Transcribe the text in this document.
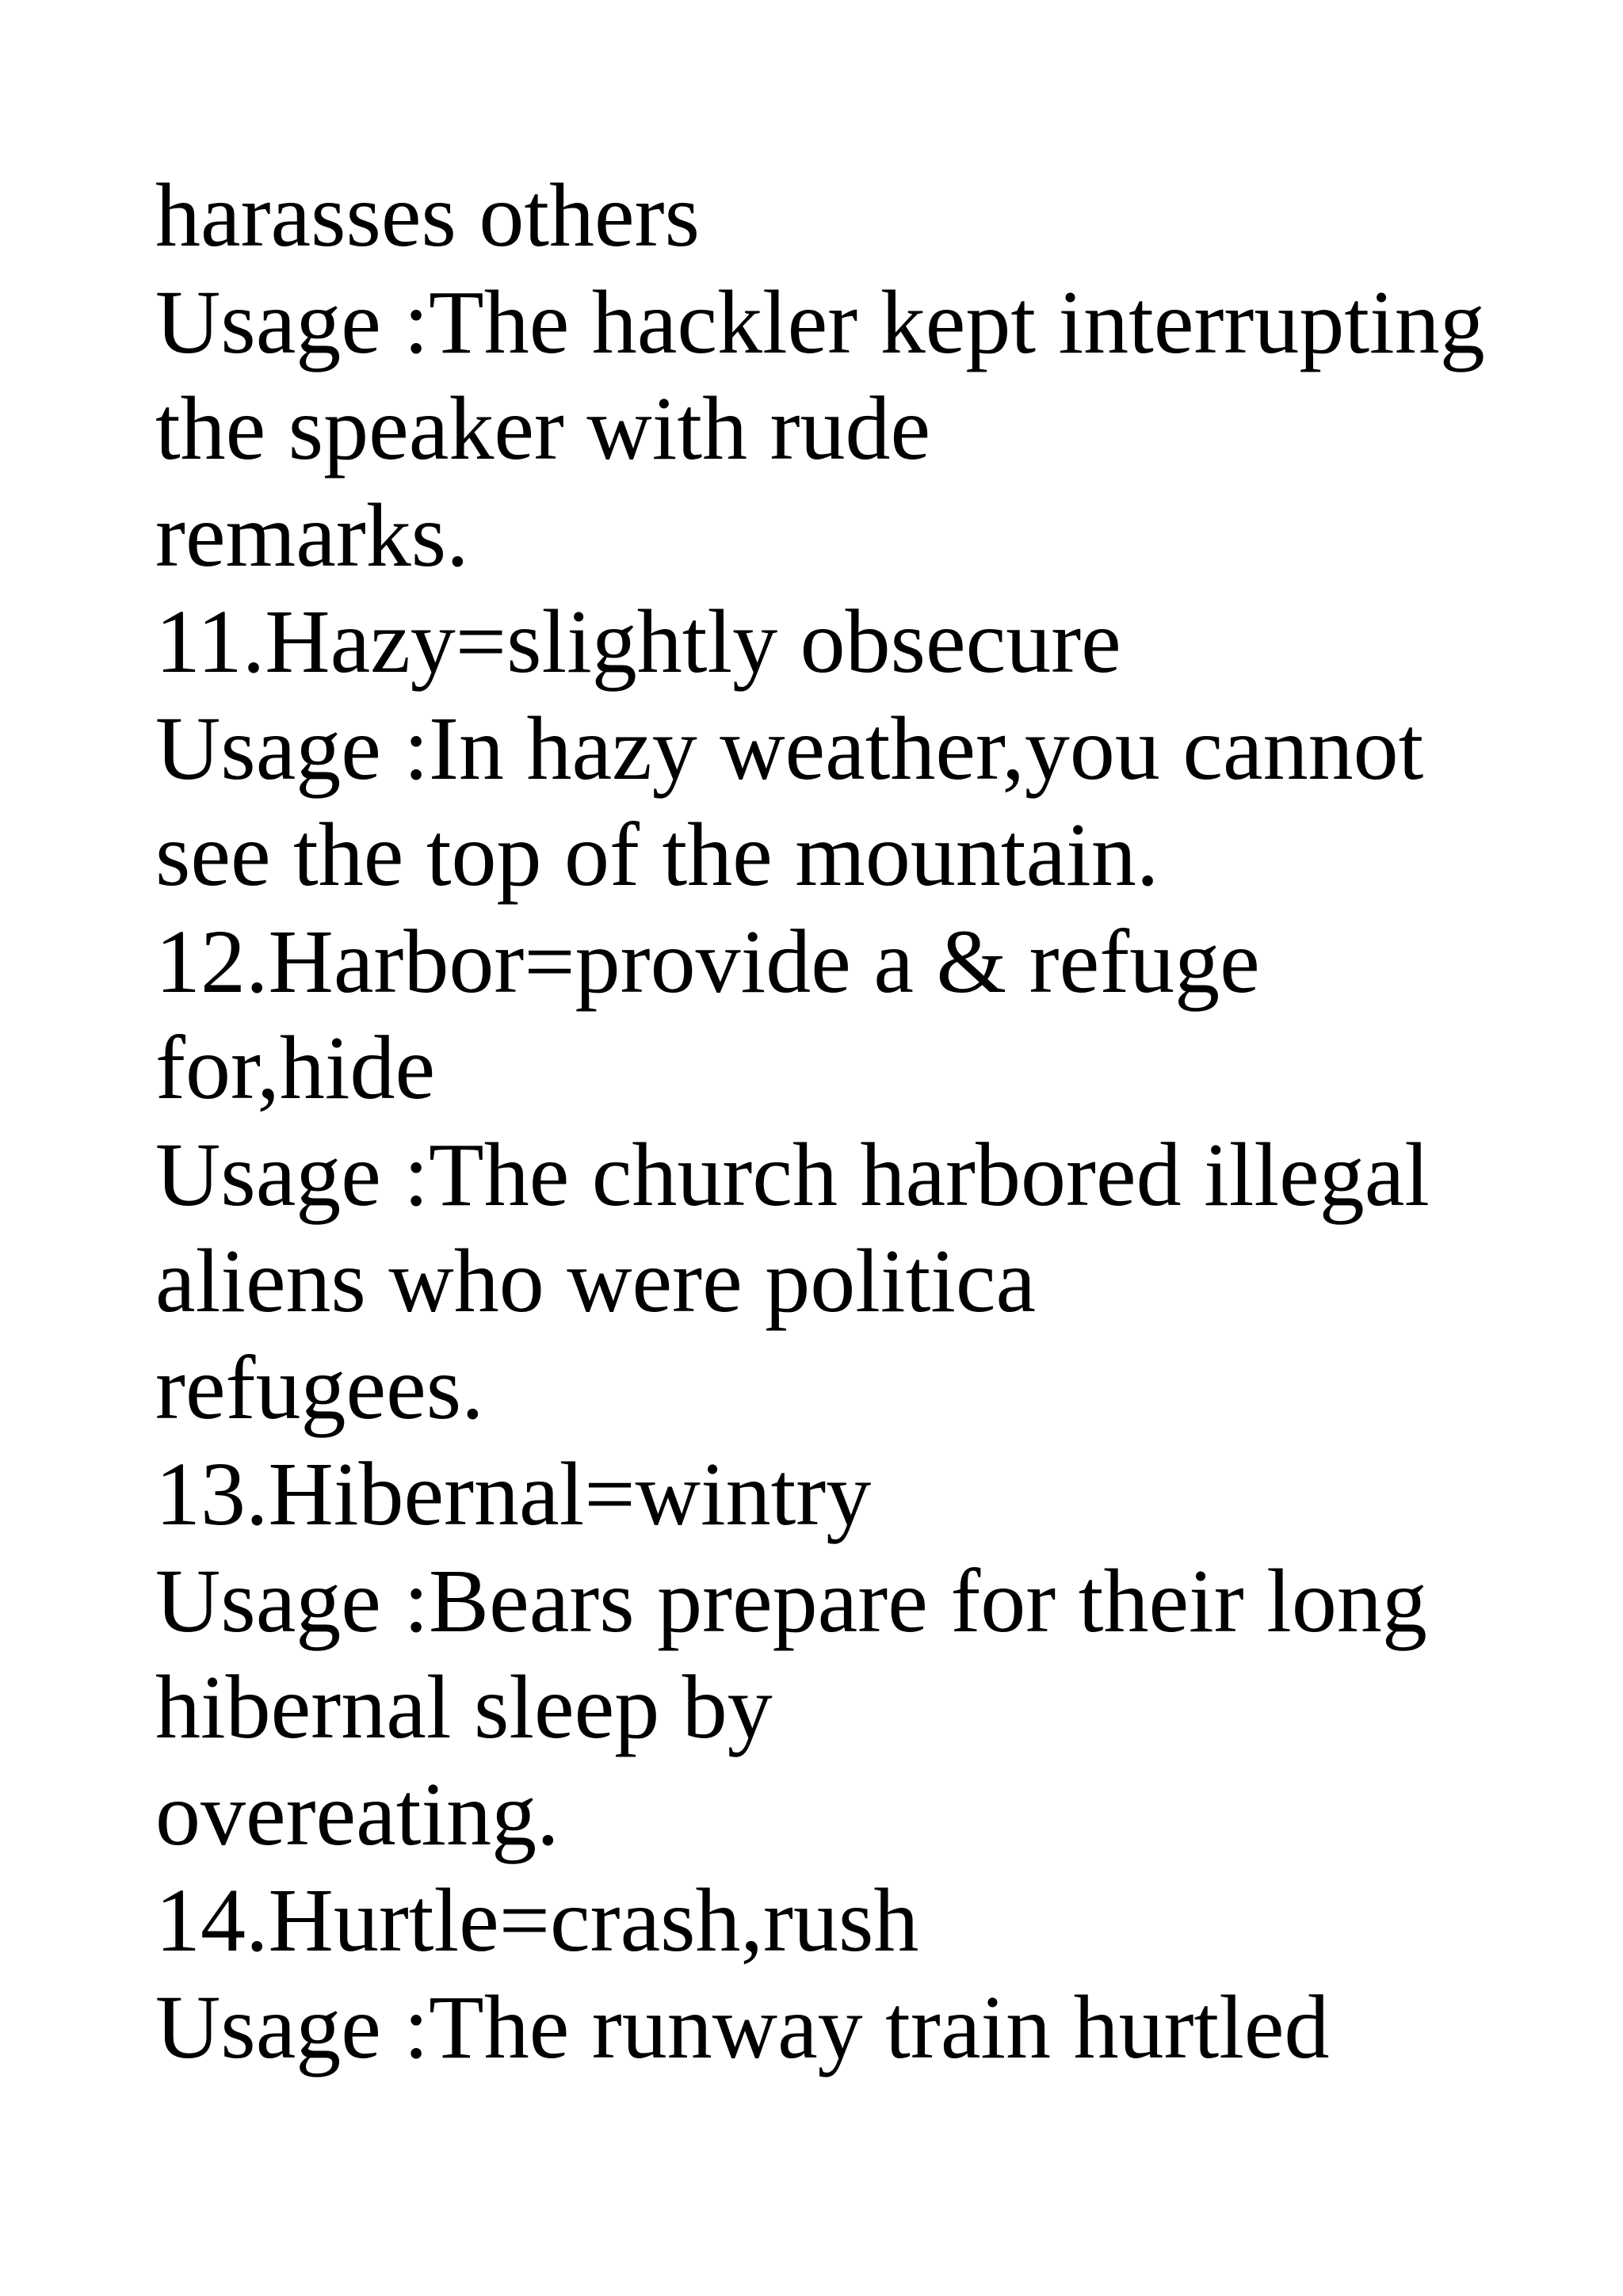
harasses others
Usage :The hackler kept interrupting
the speaker with rude
remarks.
11.Hazy=slightly obsecure
Usage :In hazy weather,you cannot
see the top of the mountain.
12.Harbor=provide a & refuge
for,hide
Usage :The church harbored illegal
aliens who were politica
refugees.
13.Hibernal=wintry
Usage :Bears prepare for their long
hibernal sleep by
overeating.
14.Hurtle=crash,rush
Usage :The runway train hurtled
